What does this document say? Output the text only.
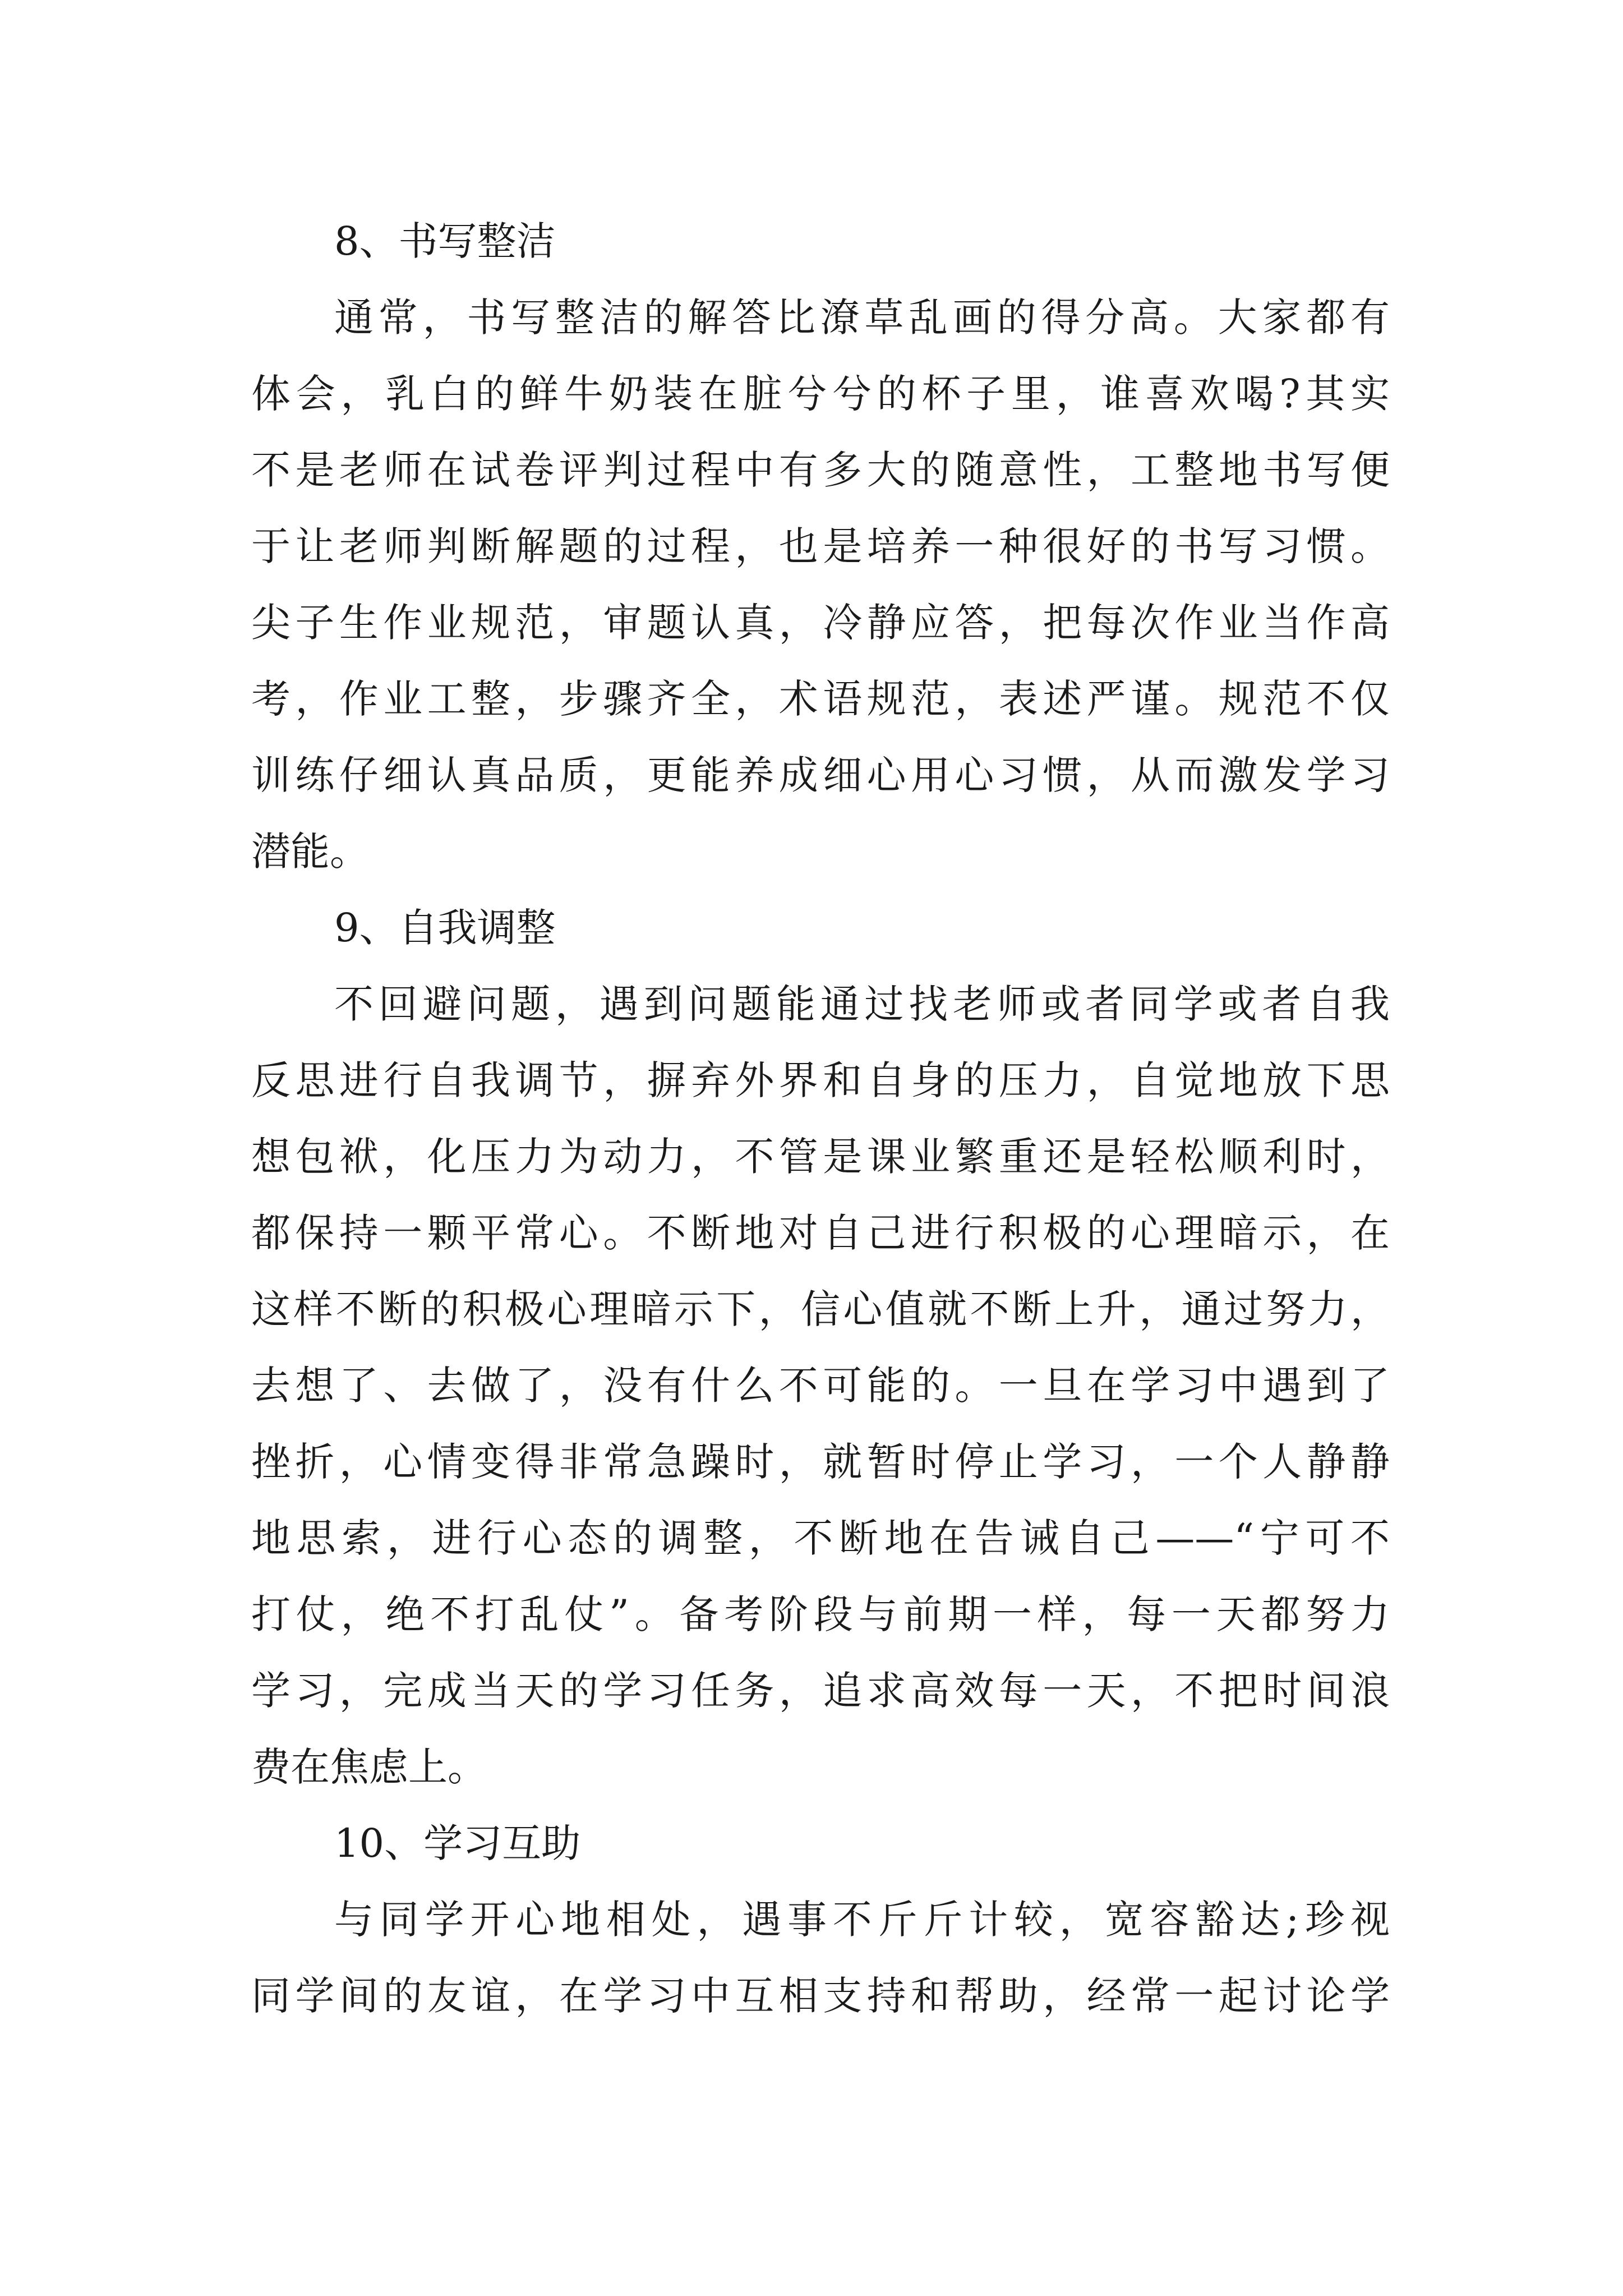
8、书写整洁
通常，书写整洁的解答比潦草乱画的得分高。大家都有
体会，乳白的鲜牛奶装在脏兮兮的杯子里，谁喜欢喝?其实
不是老师在试卷评判过程中有多大的随意性，工整地书写便
于让老师判断解题的过程，也是培养一种很好的书写习惯。
尖子生作业规范，审题认真，冷静应答，把每次作业当作高
考，作业工整，步骤齐全，术语规范，表述严谨。规范不仅
训练仔细认真品质，更能养成细心用心习惯，从而激发学习
潜能。
9、自我调整
不回避问题，遇到问题能通过找老师或者同学或者自我
反思进行自我调节，摒弃外界和自身的压力，自觉地放下思
想包袱，化压力为动力，不管是课业繁重还是轻松顺利时，
都保持一颗平常心。不断地对自己进行积极的心理暗示，在
这样不断的积极心理暗示下，信心值就不断上升，通过努力，
去想了、去做了，没有什么不可能的。一旦在学习中遇到了
挫折，心情变得非常急躁时，就暂时停止学习，一个人静静
地思索，进行心态的调整，不断地在告诫自己——“宁可不
打仗，绝不打乱仗”。备考阶段与前期一样，每一天都努力
学习，完成当天的学习任务，追求高效每一天，不把时间浪
费在焦虑上。
10、学习互助
与同学开心地相处，遇事不斤斤计较，宽容豁达;珍视
同学间的友谊，在学习中互相支持和帮助，经常一起讨论学
